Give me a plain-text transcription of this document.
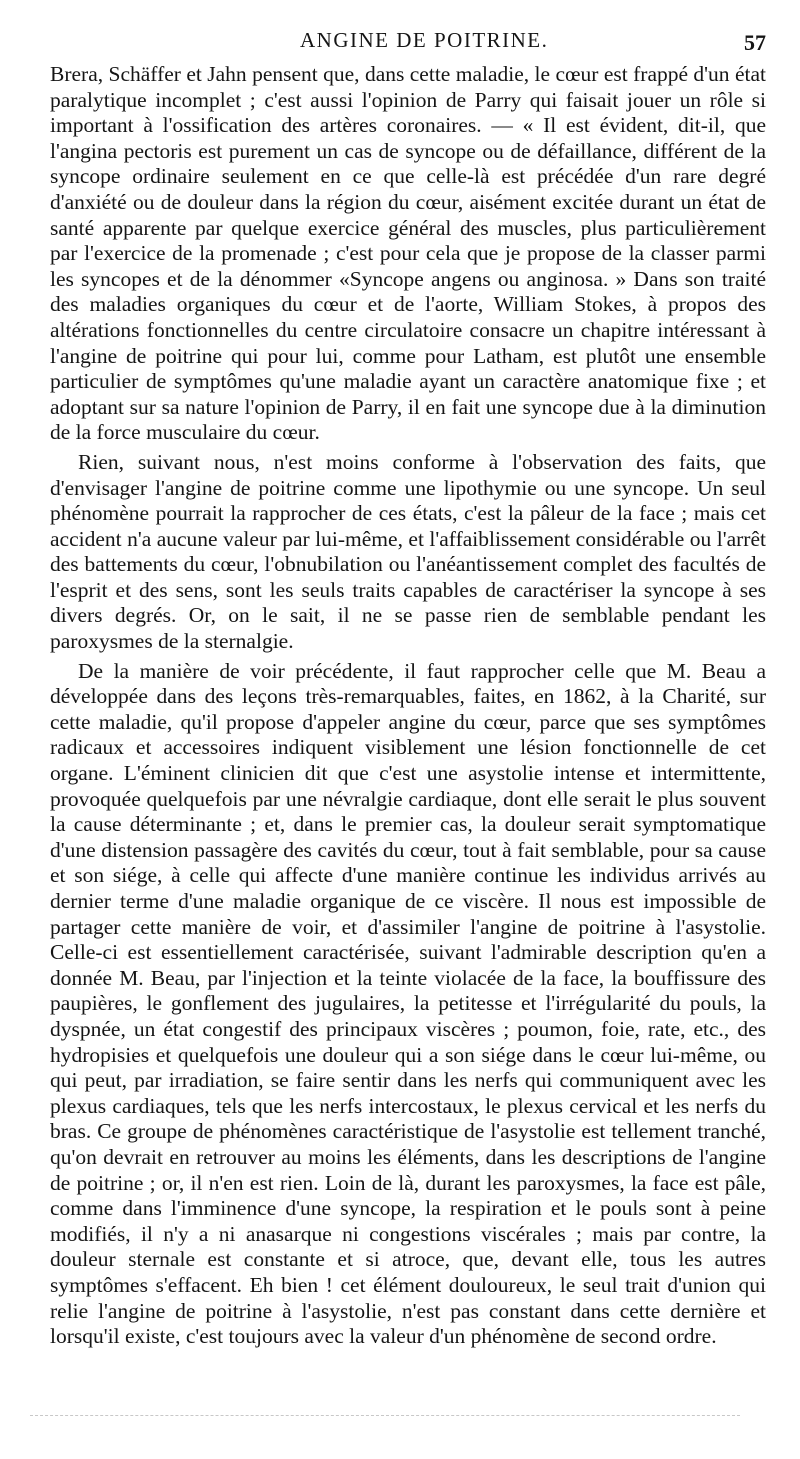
ANGINE DE POITRINE.	57

Brera, Schäffer et Jahn pensent que, dans cette maladie, le cœur est frappé d'un état paralytique incomplet ; c'est aussi l'opinion de Parry qui faisait jouer un rôle si important à l'ossification des artères coronaires. — « Il est évident, dit-il, que l'angina pectoris est purement un cas de syncope ou de défaillance, différent de la syncope ordinaire seulement en ce que celle-là est précédée d'un rare degré d'anxiété ou de douleur dans la région du cœur, aisément excitée durant un état de santé apparente par quelque exercice général des muscles, plus particulièrement par l'exercice de la promenade ; c'est pour cela que je propose de la classer parmi les syncopes et de la dénommer «Syncope angens ou anginosa. » Dans son traité des maladies organiques du cœur et de l'aorte, William Stokes, à propos des altérations fonctionnelles du centre circulatoire consacre un chapitre intéressant à l'angine de poitrine qui pour lui, comme pour Latham, est plutôt une ensemble particulier de symptômes qu'une maladie ayant un caractère anatomique fixe ; et adoptant sur sa nature l'opinion de Parry, il en fait une syncope due à la diminution de la force musculaire du cœur.

Rien, suivant nous, n'est moins conforme à l'observation des faits, que d'envisager l'angine de poitrine comme une lipothymie ou une syncope. Un seul phénomène pourrait la rapprocher de ces états, c'est la pâleur de la face ; mais cet accident n'a aucune valeur par lui-même, et l'affaiblissement considérable ou l'arrêt des battements du cœur, l'obnubilation ou l'anéantissement complet des facultés de l'esprit et des sens, sont les seuls traits capables de caractériser la syncope à ses divers degrés. Or, on le sait, il ne se passe rien de semblable pendant les paroxysmes de la sternalgie.

De la manière de voir précédente, il faut rapprocher celle que M. Beau a développée dans des leçons très-remarquables, faites, en 1862, à la Charité, sur cette maladie, qu'il propose d'appeler angine du cœur, parce que ses symptômes radicaux et accessoires indiquent visiblement une lésion fonctionnelle de cet organe. L'éminent clinicien dit que c'est une asystolie intense et intermittente, provoquée quelquefois par une névralgie cardiaque, dont elle serait le plus souvent la cause déterminante ; et, dans le premier cas, la douleur serait symptomatique d'une distension passagère des cavités du cœur, tout à fait semblable, pour sa cause et son siége, à celle qui affecte d'une manière continue les individus arrivés au dernier terme d'une maladie organique de ce viscère. Il nous est impossible de partager cette manière de voir, et d'assimiler l'angine de poitrine à l'asystolie. Celle-ci est essentiellement caractérisée, suivant l'admirable description qu'en a donnée M. Beau, par l'injection et la teinte violacée de la face, la bouffissure des paupières, le gonflement des jugulaires, la petitesse et l'irrégularité du pouls, la dyspnée, un état congestif des principaux viscères ; poumon, foie, rate, etc., des hydropisies et quelquefois une douleur qui a son siége dans le cœur lui-même, ou qui peut, par irradiation, se faire sentir dans les nerfs qui communiquent avec les plexus cardiaques, tels que les nerfs intercostaux, le plexus cervical et les nerfs du bras. Ce groupe de phénomènes caractéristique de l'asystolie est tellement tranché, qu'on devrait en retrouver au moins les éléments, dans les descriptions de l'angine de poitrine ; or, il n'en est rien. Loin de là, durant les paroxysmes, la face est pâle, comme dans l'imminence d'une syncope, la respiration et le pouls sont à peine modifiés, il n'y a ni anasarque ni congestions viscérales ; mais par contre, la douleur sternale est constante et si atroce, que, devant elle, tous les autres symptômes s'effacent. Eh bien ! cet élément douloureux, le seul trait d'union qui relie l'angine de poitrine à l'asystolie, n'est pas constant dans cette dernière et lorsqu'il existe, c'est toujours avec la valeur d'un phénomène de second ordre.
